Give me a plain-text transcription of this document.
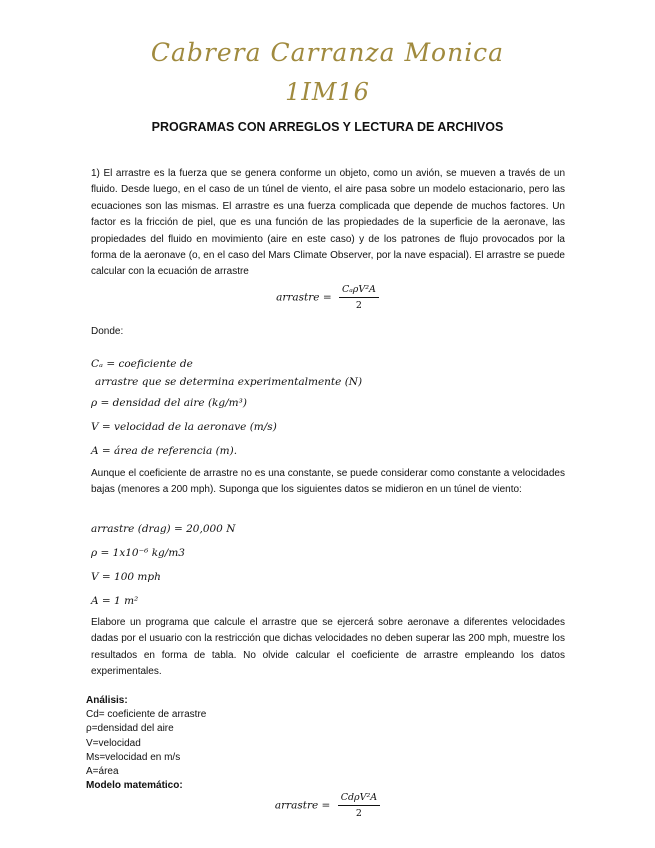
Cabrera Carranza Monica
1IM16
PROGRAMAS CON ARREGLOS Y LECTURA DE ARCHIVOS

1) El arrastre es la fuerza que se genera conforme un objeto, como un avión, se mueven a través de un fluido. Desde luego, en el caso de un túnel de viento, el aire pasa sobre un modelo estacionario, pero las ecuaciones son las mismas. El arrastre es una fuerza complicada que depende de muchos factores. Un factor es la fricción de piel, que es una función de las propiedades de la superficie de la aeronave, las propiedades del fluido en movimiento (aire en este caso) y de los patrones de flujo provocados por la forma de la aeronave (o, en el caso del Mars Climate Observer, por la nave espacial). El arrastre se puede calcular con la ecuación de arrastre

arrastre = $\frac{\text{CₐρV²A}}{2}$
Donde:
Cₐ = coeficiente de
arrastre que se determina experimentalmente (N)
ρ = densidad del aire (kg/m³)
V = velocidad de la aeronave (m/s)
A = área de referencia (m).

Aunque el coeficiente de arrastre no es una constante, se puede considerar como constante a velocidades bajas (menores a 200 mph). Suponga que los siguientes datos se midieron en un túnel de viento:

arrastre (drag) = 20,000 N
ρ = 1x10⁻⁶ kg/m3
V = 100 mph
A = 1 m²

Elabore un programa que calcule el arrastre que se ejercerá sobre aeronave a diferentes velocidades dadas por el usuario con la restricción que dichas velocidades no deben superar las 200 mph, muestre los resultados en forma de tabla. No olvide calcular el coeficiente de arrastre empleando los datos experimentales.

Análisis:
Cd= coeficiente de arrastre
ρ=densidad del aire
V=velocidad
Ms=velocidad en m/s
A=área
Modelo matemático:
arrastre = $\frac{\text{CdρV²A}}{2}$
